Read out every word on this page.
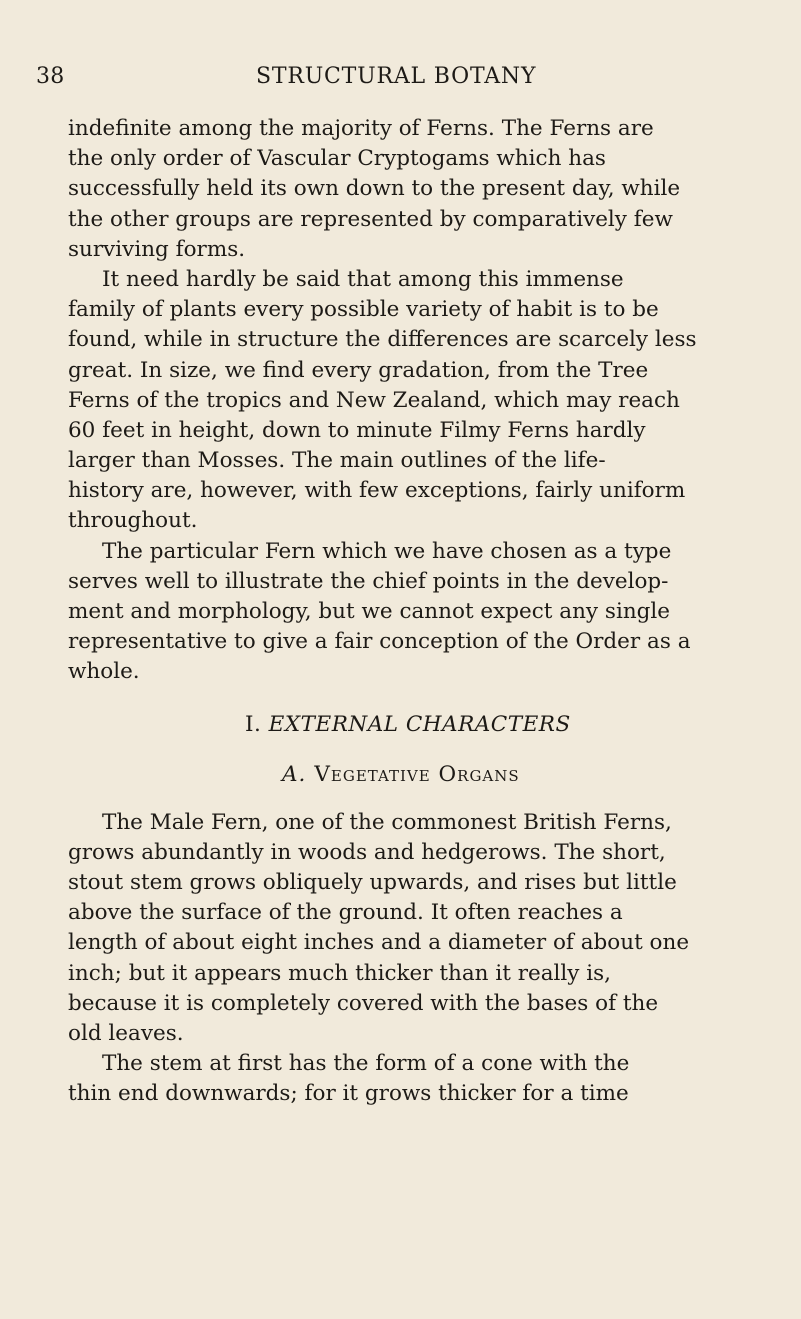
38	STRUCTURAL BOTANY
indefinite among the majority of Ferns. The Ferns are
the only order of Vascular Cryptogams which has
successfully held its own down to the present day, while
the other groups are represented by comparatively few
surviving forms.
It need hardly be said that among this immense
family of plants every possible variety of habit is to be
found, while in structure the differences are scarcely less
great. In size, we find every gradation, from the Tree
Ferns of the tropics and New Zealand, which may reach
60 feet in height, down to minute Filmy Ferns hardly
larger than Mosses. The main outlines of the life-
history are, however, with few exceptions, fairly uniform
throughout.
The particular Fern which we have chosen as a type
serves well to illustrate the chief points in the develop-
ment and morphology, but we cannot expect any single
representative to give a fair conception of the Order as a
whole.
I. EXTERNAL CHARACTERS
A. Vegetative Organs
The Male Fern, one of the commonest British Ferns,
grows abundantly in woods and hedgerows. The short,
stout stem grows obliquely upwards, and rises but little
above the surface of the ground. It often reaches a
length of about eight inches and a diameter of about one
inch; but it appears much thicker than it really is,
because it is completely covered with the bases of the
old leaves.
The stem at first has the form of a cone with the
thin end downwards; for it grows thicker for a time
